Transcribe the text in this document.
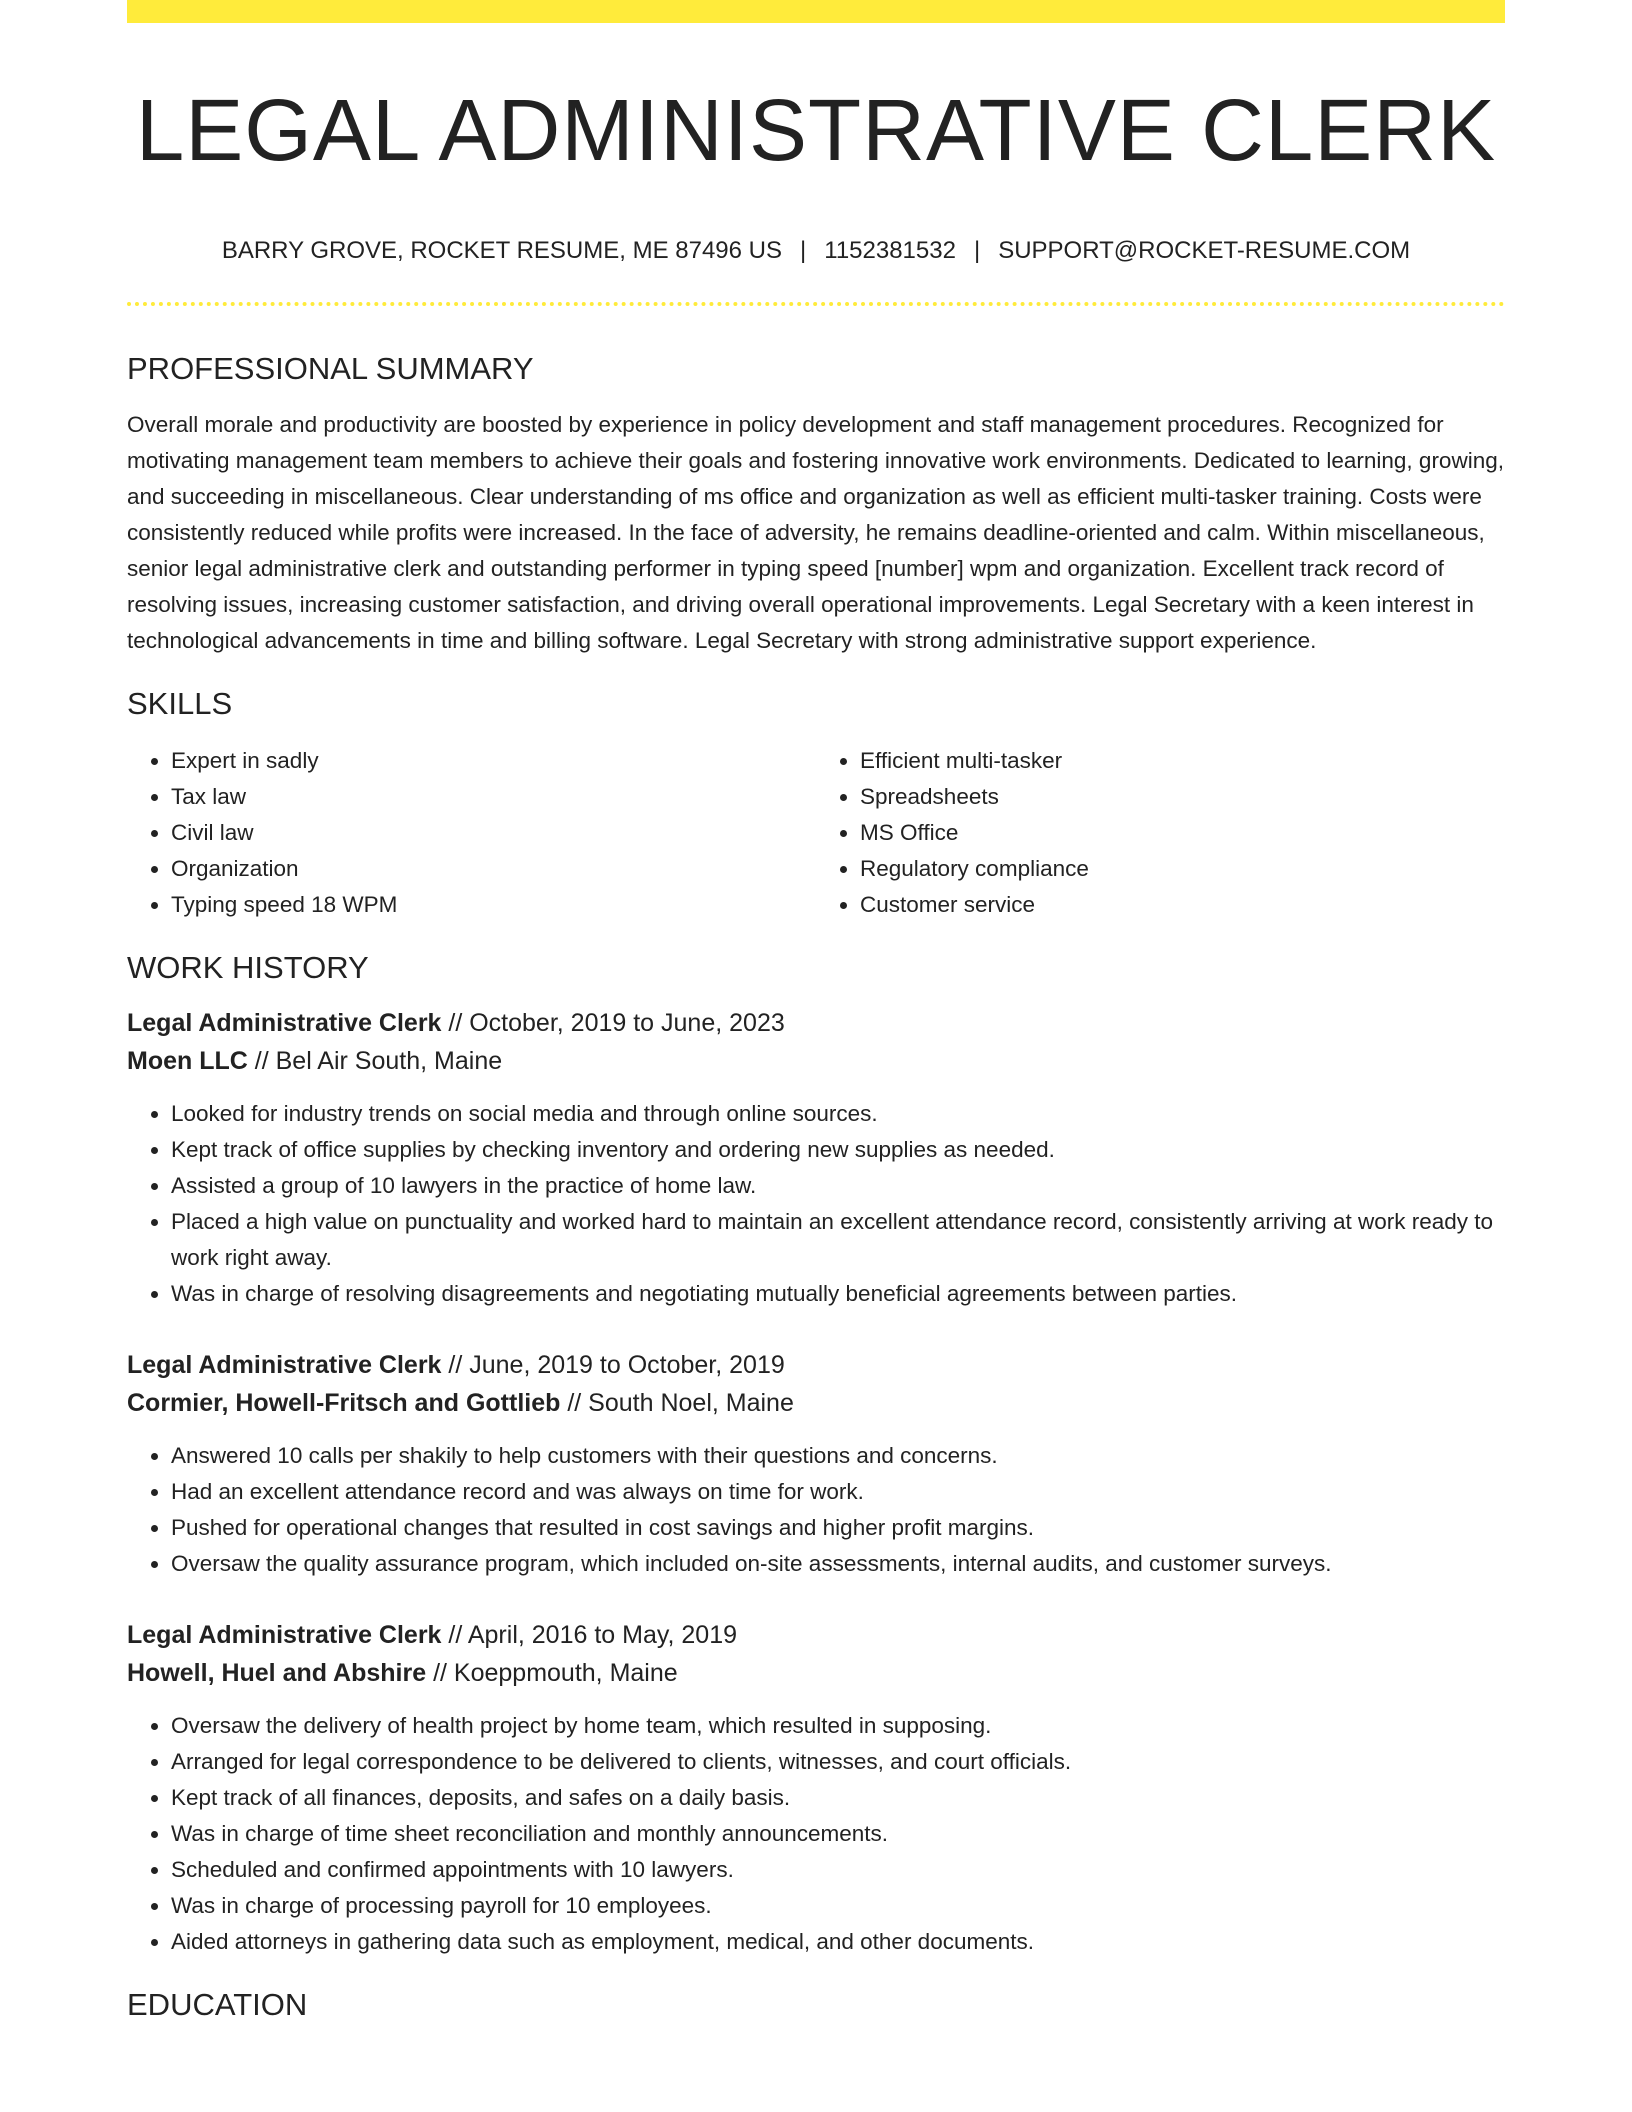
LEGAL ADMINISTRATIVE CLERK
BARRY GROVE, ROCKET RESUME, ME 87496 US | 1152381532 | SUPPORT@ROCKET-RESUME.COM
PROFESSIONAL SUMMARY

Overall morale and productivity are boosted by experience in policy development and staff management procedures. Recognized for motivating management team members to achieve their goals and fostering innovative work environments. Dedicated to learning, growing, and succeeding in miscellaneous. Clear understanding of ms office and organization as well as efficient multi-tasker training. Costs were consistently reduced while profits were increased. In the face of adversity, he remains deadline-oriented and calm. Within miscellaneous, senior legal administrative clerk and outstanding performer in typing speed [number] wpm and organization. Excellent track record of resolving issues, increasing customer satisfaction, and driving overall operational improvements. Legal Secretary with a keen interest in technological advancements in time and billing software. Legal Secretary with strong administrative support experience.

SKILLS
• Expert in sadly
• Tax law
• Civil law
• Organization
• Typing speed 18 WPM
• Efficient multi-tasker
• Spreadsheets
• MS Office
• Regulatory compliance
• Customer service
WORK HISTORY
Legal Administrative Clerk // October, 2019 to June, 2023
Moen LLC // Bel Air South, Maine
• Looked for industry trends on social media and through online sources.
• Kept track of office supplies by checking inventory and ordering new supplies as needed.
• Assisted a group of 10 lawyers in the practice of home law.
• Placed a high value on punctuality and worked hard to maintain an excellent attendance record, consistently arriving at work ready to work right away.
• Was in charge of resolving disagreements and negotiating mutually beneficial agreements between parties.
Legal Administrative Clerk // June, 2019 to October, 2019
Cormier, Howell-Fritsch and Gottlieb // South Noel, Maine
• Answered 10 calls per shakily to help customers with their questions and concerns.
• Had an excellent attendance record and was always on time for work.
• Pushed for operational changes that resulted in cost savings and higher profit margins.
• Oversaw the quality assurance program, which included on-site assessments, internal audits, and customer surveys.
Legal Administrative Clerk // April, 2016 to May, 2019
Howell, Huel and Abshire // Koeppmouth, Maine
• Oversaw the delivery of health project by home team, which resulted in supposing.
• Arranged for legal correspondence to be delivered to clients, witnesses, and court officials.
• Kept track of all finances, deposits, and safes on a daily basis.
• Was in charge of time sheet reconciliation and monthly announcements.
• Scheduled and confirmed appointments with 10 lawyers.
• Was in charge of processing payroll for 10 employees.
• Aided attorneys in gathering data such as employment, medical, and other documents.
EDUCATION
